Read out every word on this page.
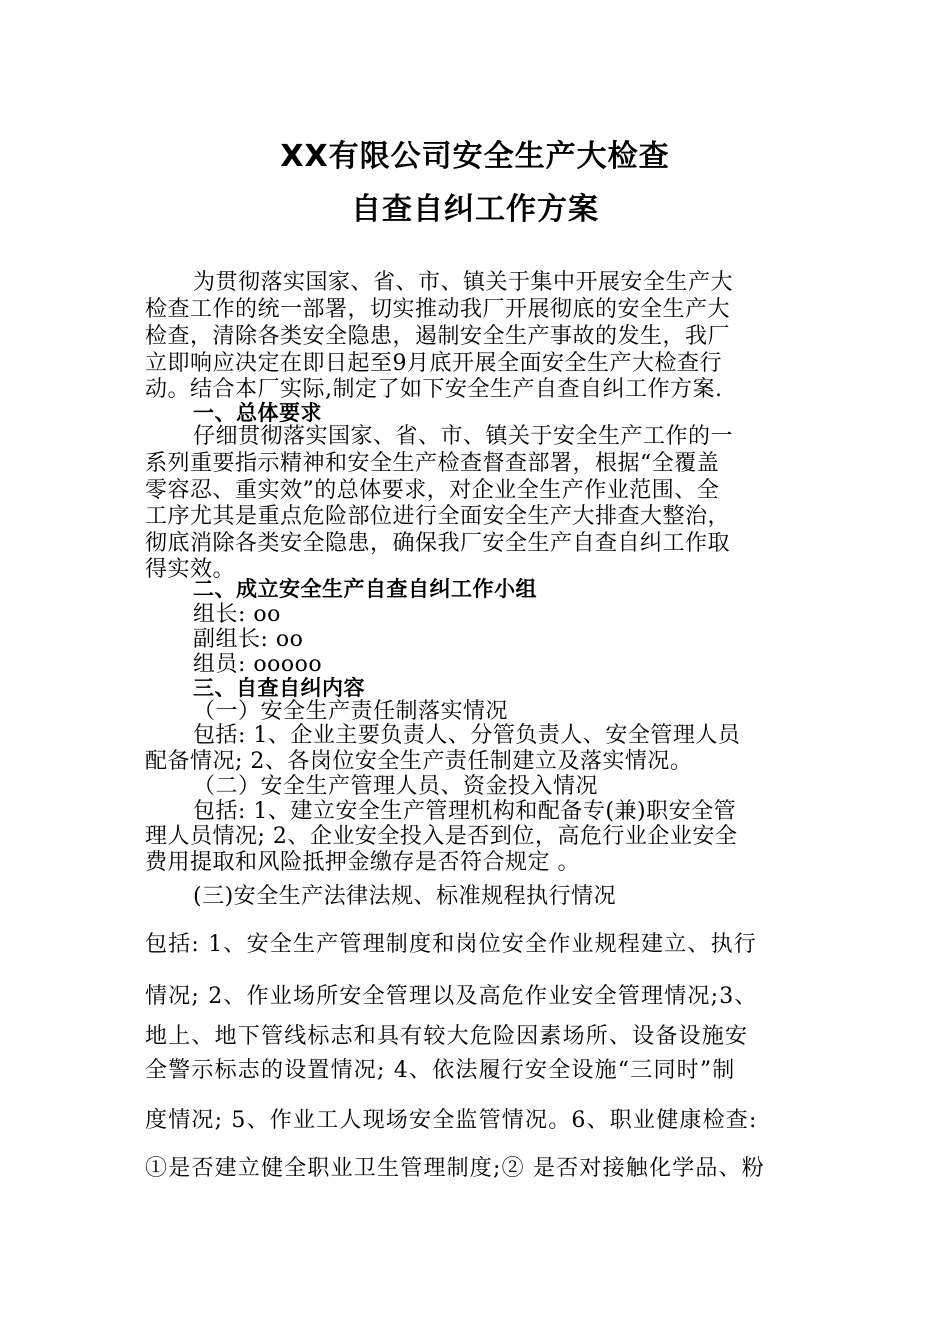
XX有限公司安全生产大检查
自查自纠工作方案
为贯彻落实国家、省、市、镇关于集中开展安全生产大
检查工作的统一部署，切实推动我厂开展彻底的安全生产大
检查，清除各类安全隐患，遏制安全生产事故的发生，我厂
立即响应决定在即日起至9月底开展全面安全生产大检查行
动。结合本厂实际,制定了如下安全生产自查自纠工作方案.
一、总体要求
仔细贯彻落实国家、省、市、镇关于安全生产工作的一
系列重要指示精神和安全生产检查督查部署，根据“全覆盖
零容忍、重实效”的总体要求，对企业全生产作业范围、全
工序尤其是重点危险部位进行全面安全生产大排查大整治，
彻底消除各类安全隐患，确保我厂安全生产自查自纠工作取
得实效。
二、成立安全生产自查自纠工作小组
组长: oo
副组长: oo
组员: ooooo
三、自查自纠内容
（一）安全生产责任制落实情况
包括: 1、企业主要负责人、分管负责人、安全管理人员
配备情况; 2、各岗位安全生产责任制建立及落实情况。
（二）安全生产管理人员、资金投入情况
包括: 1、建立安全生产管理机构和配备专(兼)职安全管
理人员情况; 2、企业安全投入是否到位，高危行业企业安全
费用提取和风险抵押金缴存是否符合规定 。
(三)安全生产法律法规、标准规程执行情况
包括: 1、安全生产管理制度和岗位安全作业规程建立、执行
情况; 2、作业场所安全管理以及高危作业安全管理情况;3、
地上、地下管线标志和具有较大危险因素场所、设备设施安
全警示标志的设置情况; 4、依法履行安全设施“三同时”制
度情况; 5、作业工人现场安全监管情况。6、职业健康检查:
①是否建立健全职业卫生管理制度;② 是否对接触化学品、粉
